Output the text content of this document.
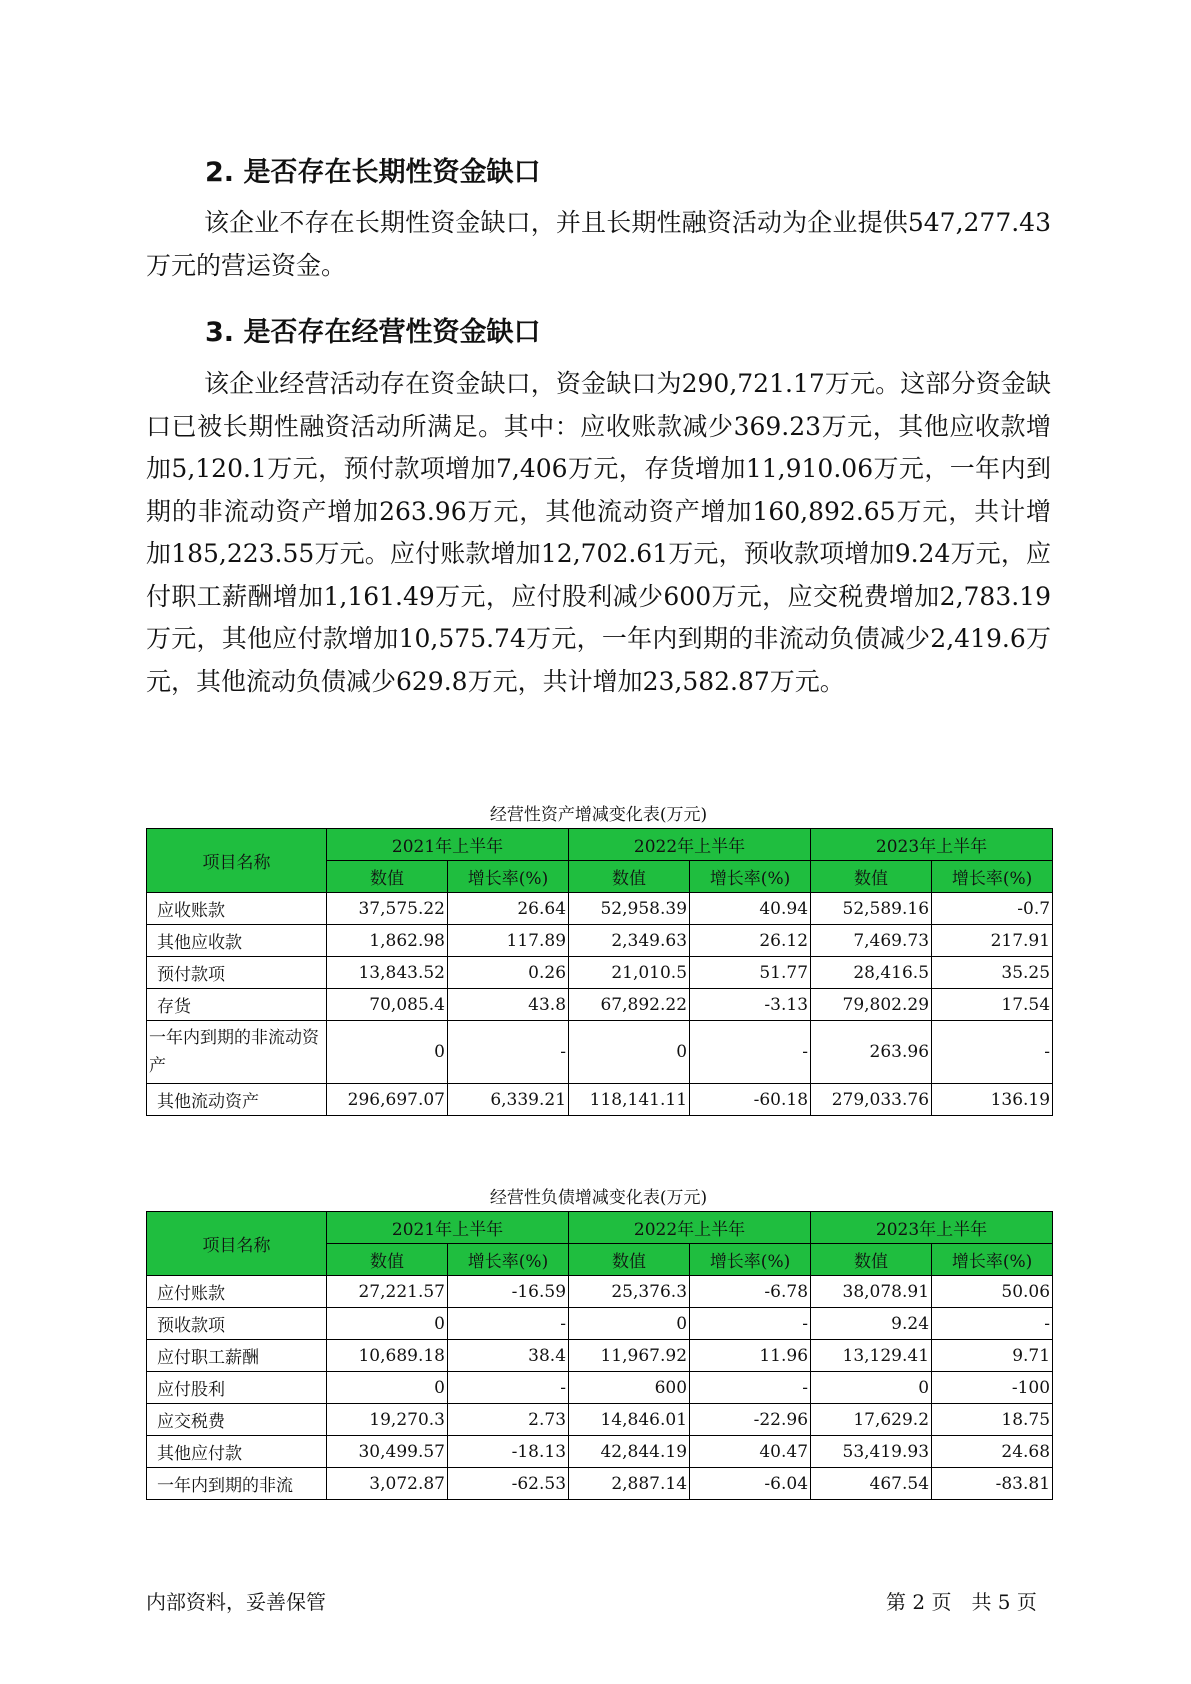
2. 是否存在长期性资金缺口

该企业不存在长期性资金缺口，并且长期性融资活动为企业提供547,277.43万元的营运资金。

3. 是否存在经营性资金缺口

该企业经营活动存在资金缺口，资金缺口为290,721.17万元。这部分资金缺口已被长期性融资活动所满足。其中：应收账款减少369.23万元，其他应收款增加5,120.1万元，预付款项增加7,406万元，存货增加11,910.06万元，一年内到期的非流动资产增加263.96万元，其他流动资产增加160,892.65万元，共计增加185,223.55万元。应付账款增加12,702.61万元，预收款项增加9.24万元，应付职工薪酬增加1,161.49万元，应付股利减少600万元，应交税费增加2,783.19万元，其他应付款增加10,575.74万元，一年内到期的非流动负债减少2,419.6万元，其他流动负债减少629.8万元，共计增加23,582.87万元。

经营性资产增减变化表(万元)

项目名称	2021年上半年		2022年上半年		2023年上半年	
	数值	增长率(%)	数值	增长率(%)	数值	增长率(%)
应收账款	37,575.22	26.64	52,958.39	40.94	52,589.16	-0.7
其他应收款	1,862.98	117.89	2,349.63	26.12	7,469.73	217.91
预付款项	13,843.52	0.26	21,010.5	51.77	28,416.5	35.25
存货	70,085.4	43.8	67,892.22	-3.13	79,802.29	17.54
一年内到期的非流动资产	0	-	0	-	263.96	-
其他流动资产	296,697.07	6,339.21	118,141.11	-60.18	279,033.76	136.19

经营性负债增减变化表(万元)

项目名称	2021年上半年		2022年上半年		2023年上半年	
	数值	增长率(%)	数值	增长率(%)	数值	增长率(%)
应付账款	27,221.57	-16.59	25,376.3	-6.78	38,078.91	50.06
预收款项	0	-	0	-	9.24	-
应付职工薪酬	10,689.18	38.4	11,967.92	11.96	13,129.41	9.71
应付股利	0	-	600	-	0	-100
应交税费	19,270.3	2.73	14,846.01	-22.96	17,629.2	18.75
其他应付款	30,499.57	-18.13	42,844.19	40.47	53,419.93	24.68
一年内到期的非流	3,072.87	-62.53	2,887.14	-6.04	467.54	-83.81
内部资料，妥善保管	第 2 页　共 5 页
